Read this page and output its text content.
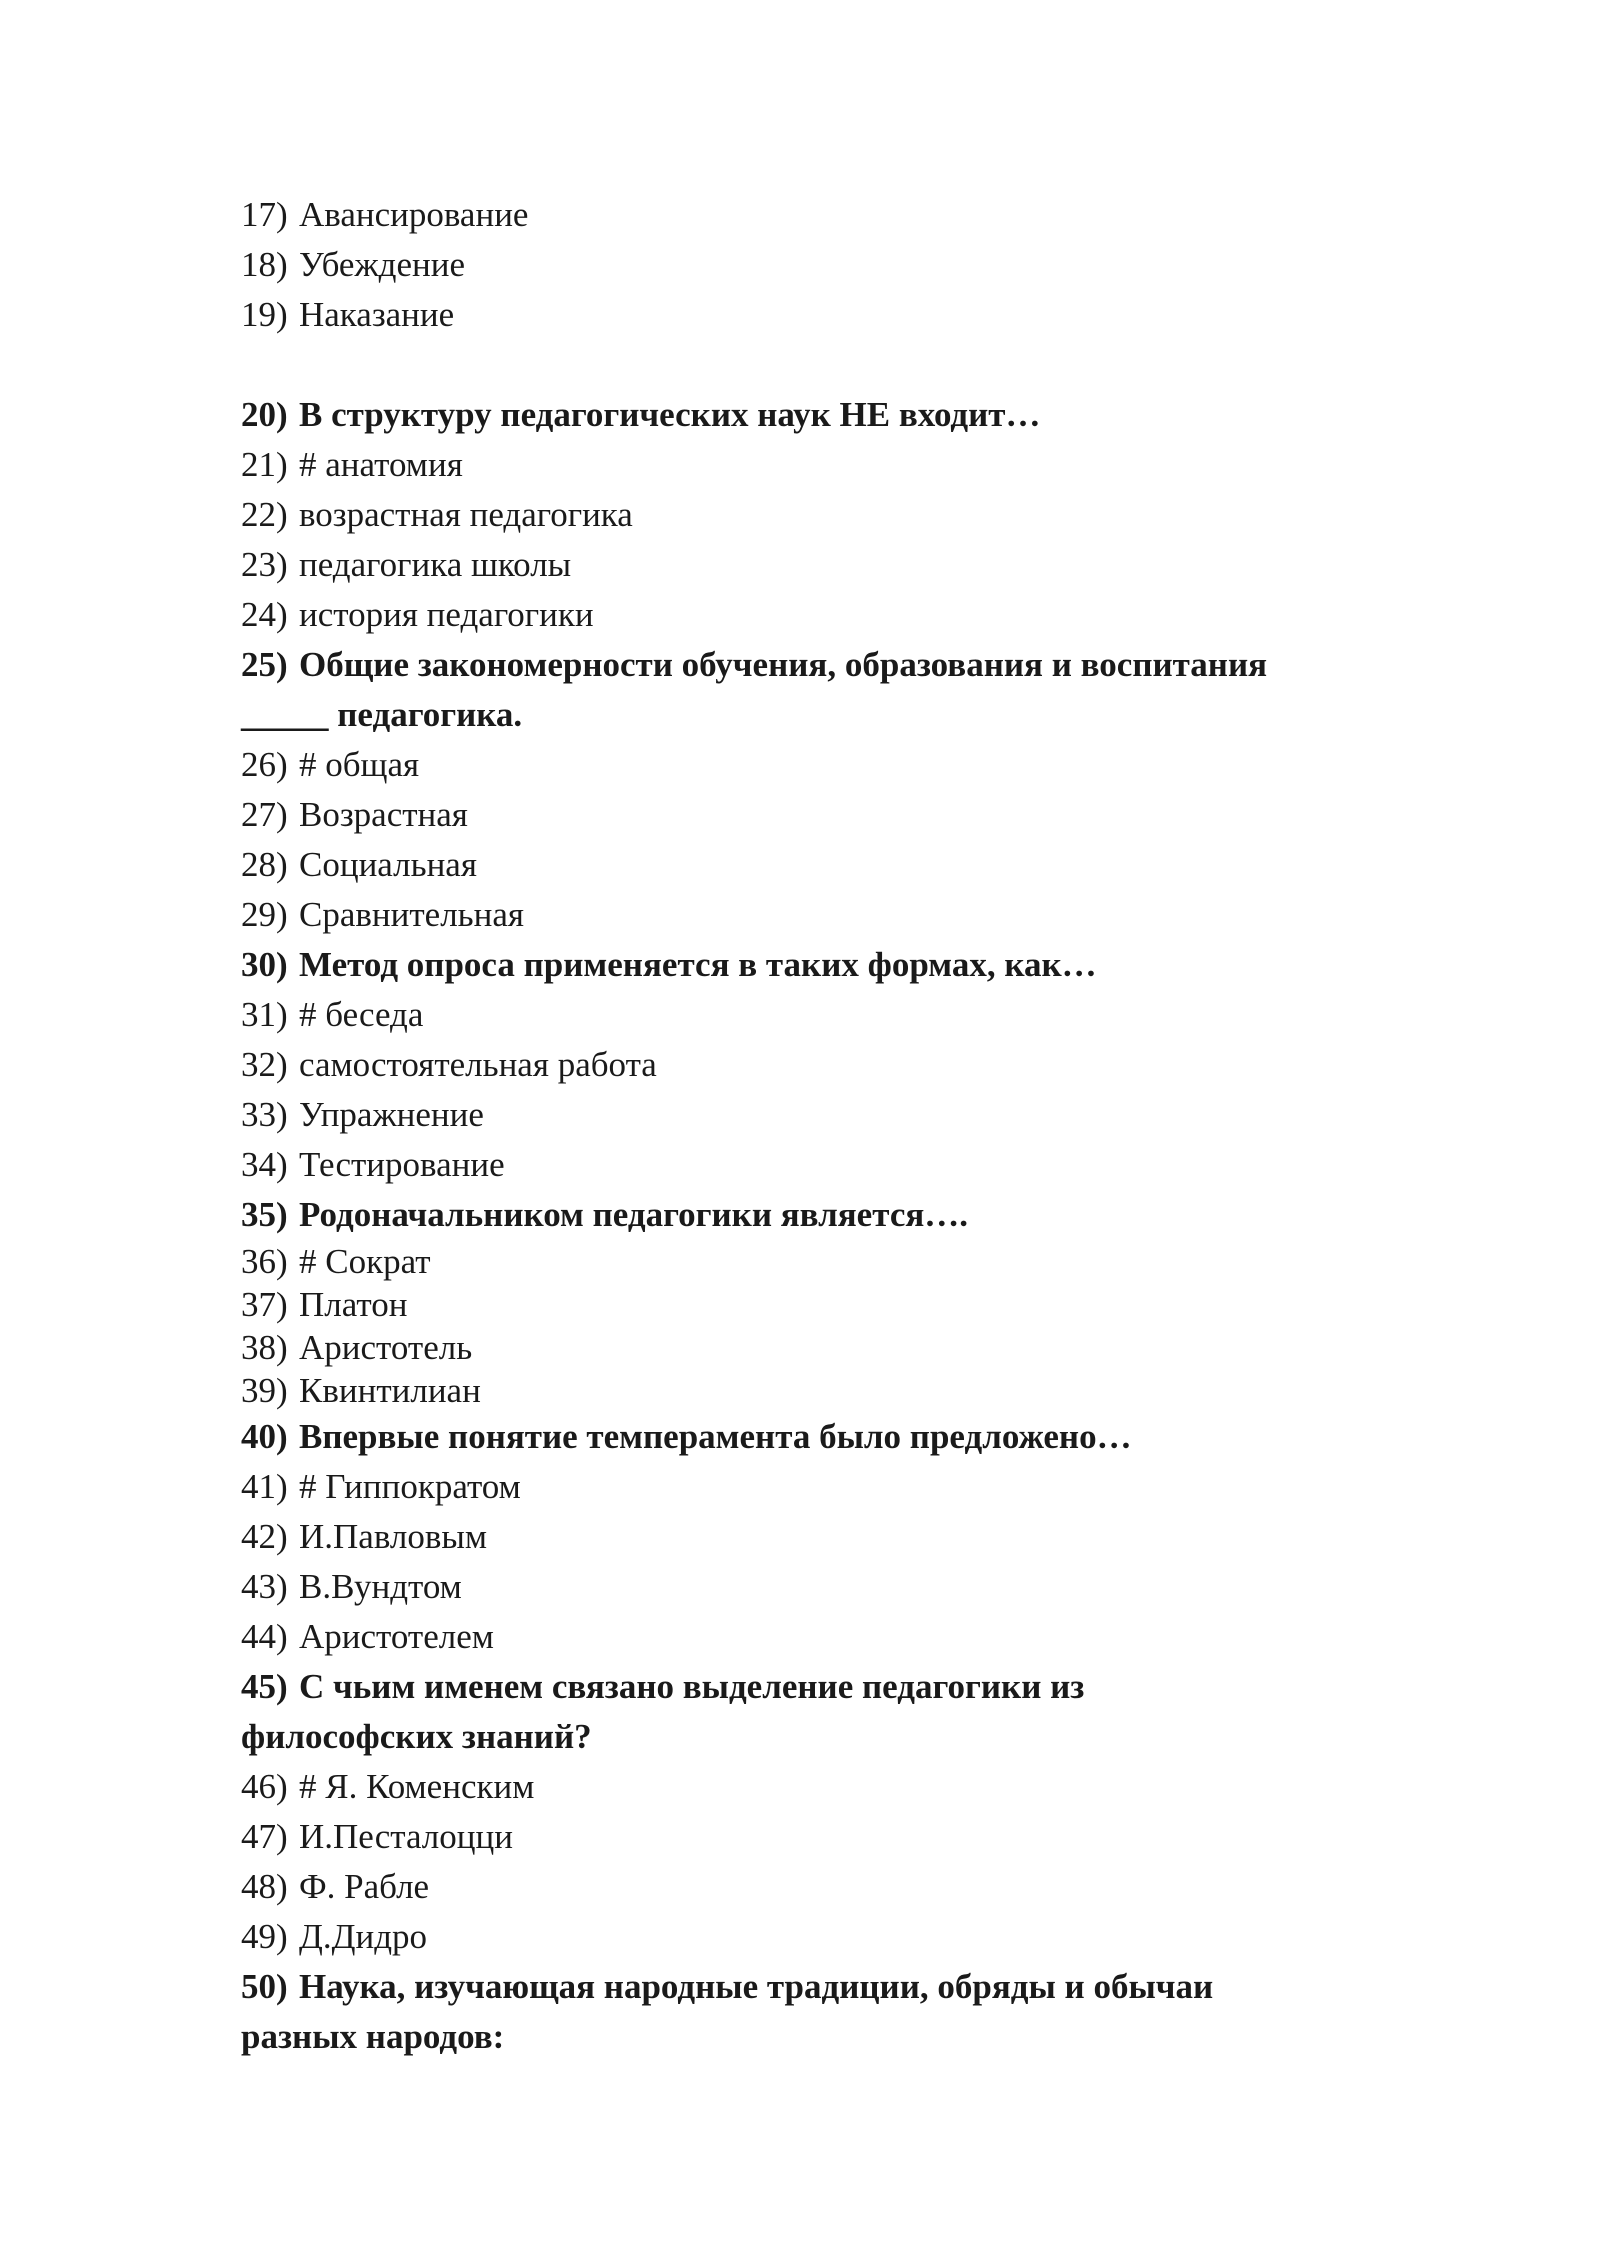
17) Авансирование
18) Убеждение
19) Наказание
20) В структуру педагогических наук НЕ входит…
21) # анатомия
22) возрастная педагогика
23) педагогика школы
24) история педагогики
25) Общие закономерности обучения, образования и воспитания
_____ педагогика.
26) # общая
27) Возрастная
28) Социальная
29) Сравнительная
30) Метод опроса применяется в таких формах, как…
31) # беседа
32) самостоятельная работа
33) Упражнение
34) Тестирование
35) Родоначальником педагогики является….
36) # Сократ
37) Платон
38) Аристотель
39) Квинтилиан
40) Впервые понятие темперамента было предложено…
41) # Гиппократом
42) И.Павловым
43) В.Вундтом
44) Аристотелем
45) С чьим именем связано выделение педагогики из
философских знаний?
46) # Я. Коменским
47) И.Песталоцци
48) Ф. Рабле
49) Д.Дидро
50) Наука, изучающая народные традиции, обряды и обычаи
разных народов:
